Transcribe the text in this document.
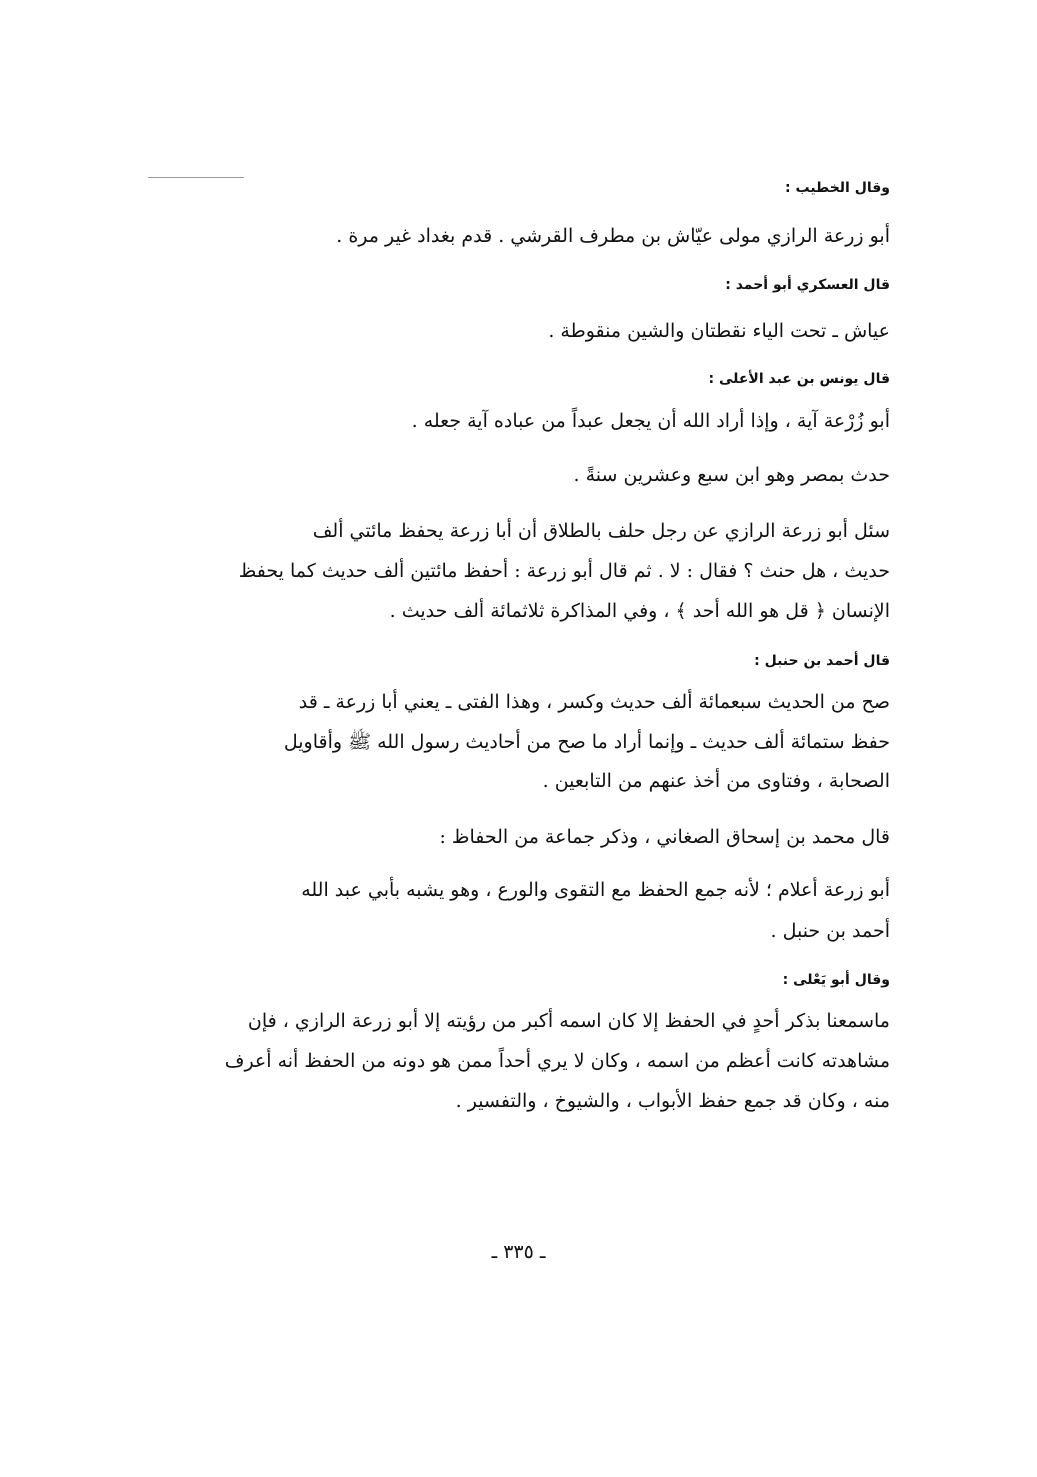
وقال الخطيب :
أبو زرعة الرازي مولى عيّاش بن مطرف القرشي . قدم بغداد غير مرة .
قال العسكري أبو أحمد :
عياش ـ تحت الياء نقطتان والشين منقوطة .
قال يونس بن عبد الأعلى :
أبو زُرْعة آية ، وإذا أراد الله أن يجعل عبداً من عباده آية جعله .
حدث بمصر وهو ابن سبع وعشرين سنةً .
سئل أبو زرعة الرازي عن رجل حلف بالطلاق أن أبا زرعة يحفظ مائتي ألف
حديث ، هل حنث ؟ فقال : لا . ثم قال أبو زرعة : أحفظ مائتين ألف حديث كما يحفظ
الإنسان ﴿ قل هو الله أحد ﴾ ، وفي المذاكرة ثلاثمائة ألف حديث .
قال أحمد بن حنبل :
صح من الحديث سبعمائة ألف حديث وكسر ، وهذا الفتى ـ يعني أبا زرعة ـ قد
حفظ ستمائة ألف حديث ـ وإنما أراد ما صح من أحاديث رسول الله ﷺ وأقاويل
الصحابة ، وفتاوى من أخذ عنهم من التابعين .
قال محمد بن إسحاق الصغاني ، وذكر جماعة من الحفاظ :
أبو زرعة أعلام ؛ لأنه جمع الحفظ مع التقوى والورع ، وهو يشبه بأبي عبد الله
أحمد بن حنبل .
وقال أبو يَعْلى :
ماسمعنا بذكر أحدٍ في الحفظ إلا كان اسمه أكبر من رؤيته إلا أبو زرعة الرازي ، فإن
مشاهدته كانت أعظم من اسمه ، وكان لا يري أحداً ممن هو دونه من الحفظ أنه أعرف
منه ، وكان قد جمع حفظ الأبواب ، والشيوخ ، والتفسير .
ـ ٣٣٥ ـ
